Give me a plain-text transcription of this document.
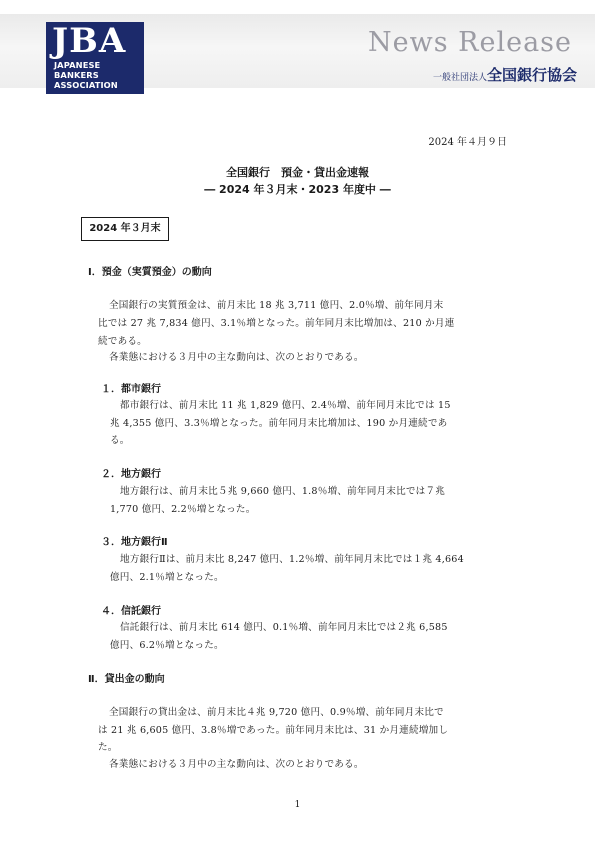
JBA
JAPANESE
BANKERS
ASSOCIATION
News Release
一般社団法人全国銀行協会
2024 年４月９日
全国銀行　預金・貸出金速報
― 2024 年３月末・2023 年度中 ―
2024 年３月末
Ⅰ．預金（実質預金）の動向
全国銀行の実質預金は、前月末比 18 兆 3,711 億円、2.0％増、前年同月末
比では 27 兆 7,834 億円、3.1％増となった。前年同月末比増加は、210 か月連
続である。
各業態における３月中の主な動向は、次のとおりである。
１．都市銀行
都市銀行は、前月末比 11 兆 1,829 億円、2.4％増、前年同月末比では 15
兆 4,355 億円、3.3％増となった。前年同月末比増加は、190 か月連続であ
る。
２．地方銀行
地方銀行は、前月末比５兆 9,660 億円、1.8％増、前年同月末比では７兆
1,770 億円、2.2％増となった。
３．地方銀行Ⅱ
地方銀行Ⅱは、前月末比 8,247 億円、1.2％増、前年同月末比では１兆 4,664
億円、2.1％増となった。
４．信託銀行
信託銀行は、前月末比 614 億円、0.1％増、前年同月末比では２兆 6,585
億円、6.2％増となった。
Ⅱ．貸出金の動向
全国銀行の貸出金は、前月末比４兆 9,720 億円、0.9％増、前年同月末比で
は 21 兆 6,605 億円、3.8％増であった。前年同月末比は、31 か月連続増加し
た。
各業態における３月中の主な動向は、次のとおりである。
1
